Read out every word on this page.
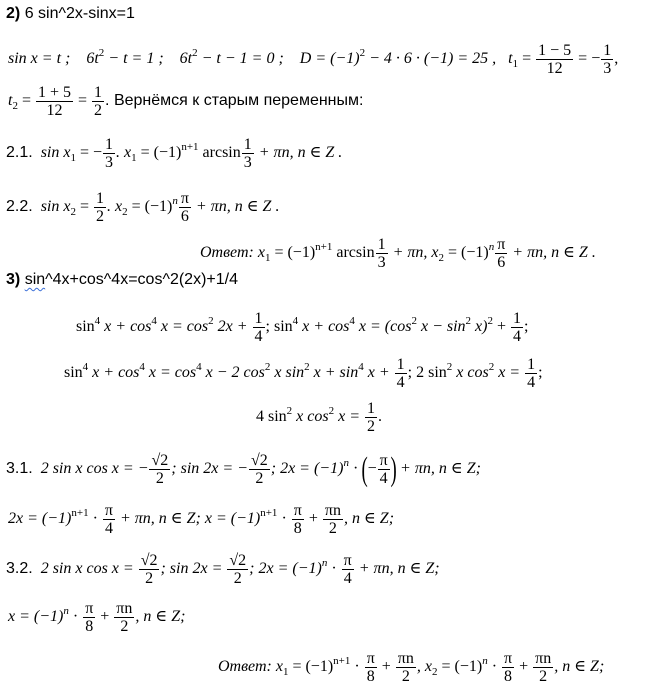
2) 6 sin^2x-sinx=1
sin x = t ; $6t^2 - t = 1$ ; $6t^2 - t - 1 = 0$ ; $D = (-1)^2 - 4 \cdot 6 \cdot (-1) = 25$ , $t_1 = \frac{1 - 5}{12}$ = − $\frac{1}{3}$ ,
$t_2 = \frac{1 + 5}{12} = \frac{1}{2}$ . Вернёмся к старым переменным:
2.1. $\sin x_1$ = − $\frac{1}{3}$ . $x_1 = (-1)^{n+1}$ $\arcsin \frac{1}{3} + \pi n$, n ∈ Z .
2.2. $\sin x_2 = \frac{1}{2}$ . $x_2 = (-1)^n \frac{\pi}{6} + \pi n$, n ∈ Z .
Ответ: $x_1 = (-1)^{n+1}$ $\arcsin \frac{1}{3} + \pi n$, $x_2 = (-1)^n \frac{\pi}{6} + \pi n$, n ∈ Z .
3) sin^4x+cos^4x=cos^2(2x)+1/4
$\sin^4 x + \cos^4 x = \cos^2 2x + \frac{1}{4}$ ; $\sin^4 x + \cos^4 x = (\cos^2$ $x - \sin^2 x)^2 + \frac{1}{4}$ ;
$\sin^4 x + \cos^4 x = \cos^4 x - 2$ $\cos^2 x$ $\sin^2 x + \sin^4 x + \frac{1}{4}$ ; 2 $\sin^2 x$ $\cos^2 x = \frac{1}{4}$ ;
4 $\sin^2 x$ $\cos^2 x = \frac{1}{2}$ .
3.1. 2 sin x cos x = − $\frac{√2}{2}$ ; sin 2x = − $\frac{√2}{2}$ ; $2x = (-1)^n$ · (− $\frac{\pi}{4}$ ) + πn, n ∈ Z;
$2x = (-1)^{n+1} \cdot \frac{\pi}{4} + \pi n$, n ∈ Z; $x = (-1)^{n+1} \cdot \frac{\pi}{8} + \frac{\pi n}{2}$ , n ∈ Z;
3.2. 2 sin x $\cos x = \frac{√2}{2}$ ; $\sin 2x = \frac{√2}{2}$ ; $2x = (-1)^n \cdot \frac{\pi}{4} + \pi n$, n ∈ Z;
$x = (-1)^n \cdot \frac{\pi}{8} + \frac{\pi n}{2}$ , n ∈ Z;
Ответ: $x_1 = (-1)^{n+1} \cdot \frac{\pi}{8} + \frac{\pi n}{2}$ , $x_2 = (-1)^n \cdot \frac{\pi}{8} + \frac{\pi n}{2}$ , n ∈ Z;
